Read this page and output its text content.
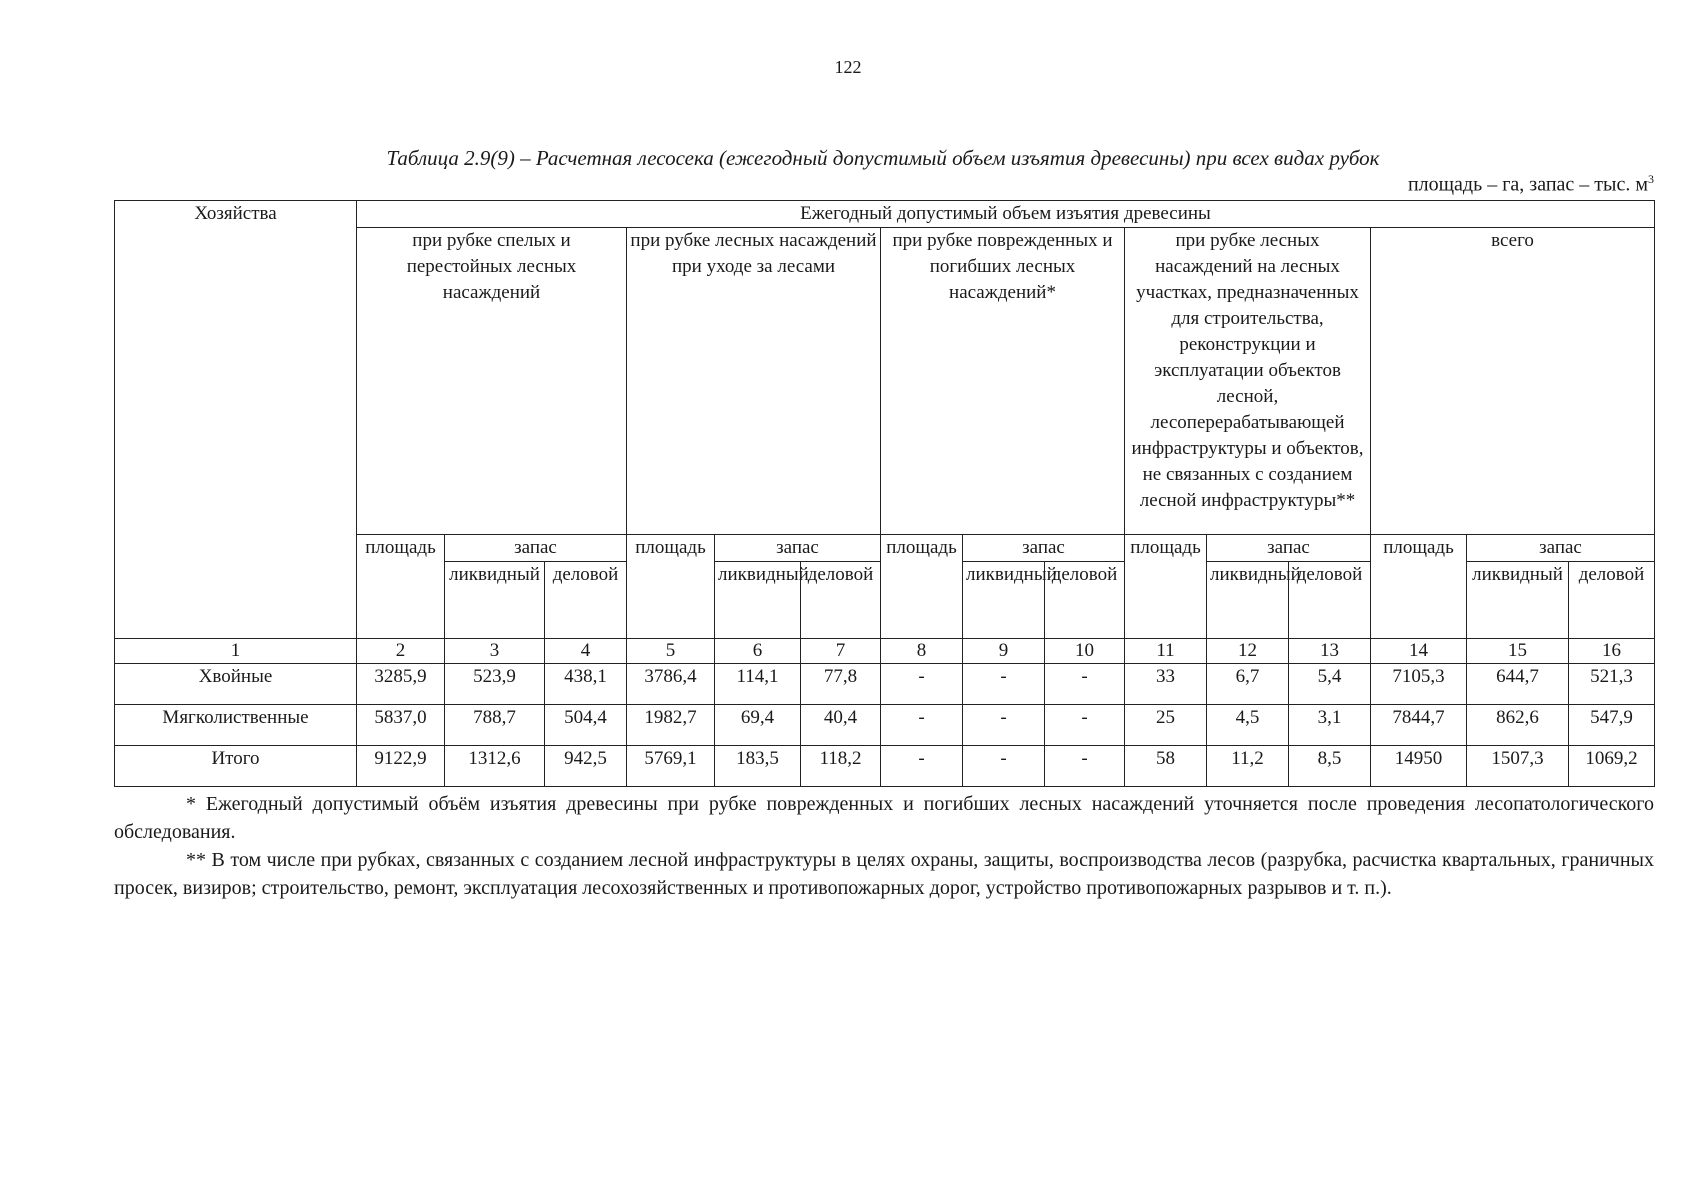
122
Таблица 2.9(9) – Расчетная лесосека (ежегодный допустимый объем изъятия древесины) при всех видах рубок
площадь – га, запас – тыс. $м^3$
Хозяйства	Ежегодный допустимый объем изъятия древесины														
	при рубке спелых и перестойных лесных насаждений			при рубке лесных насаждений при уходе за лесами			при рубке поврежденных и погибших лесных насаждений*			при рубке лесных насаждений на лесных участках, предназначенных для строительства, реконструкции и эксплуатации объектов лесной, лесоперерабатывающей инфраструктуры и объектов, не связанных с созданием лесной инфраструктуры**			всего		
	площадь	запас		площадь	запас		площадь	запас		площадь	запас		площадь	запас	
		ликвидный	деловой		ликвидный	деловой		ликвидный	деловой		ликвидный	деловой		ликвидный	деловой
1	2	3	4	5	6	7	8	9	10	11	12	13	14	15	16
Хвойные	3285,9	523,9	438,1	3786,4	114,1	77,8	-	-	-	33	6,7	5,4	7105,3	644,7	521,3
Мягколиственные	5837,0	788,7	504,4	1982,7	69,4	40,4	-	-	-	25	4,5	3,1	7844,7	862,6	547,9
Итого	9122,9	1312,6	942,5	5769,1	183,5	118,2	-	-	-	58	11,2	8,5	14950	1507,3	1069,2

* Ежегодный допустимый объём изъятия древесины при рубке поврежденных и погибших лесных насаждений уточняется после проведения лесопатологического обследования.

** В том числе при рубках, связанных с созданием лесной инфраструктуры в целях охраны, защиты, воспроизводства лесов (разрубка, расчистка квартальных, граничных просек, визиров; строительство, ремонт, эксплуатация лесохозяйственных и противопожарных дорог, устройство противопожарных разрывов и т. п.).
